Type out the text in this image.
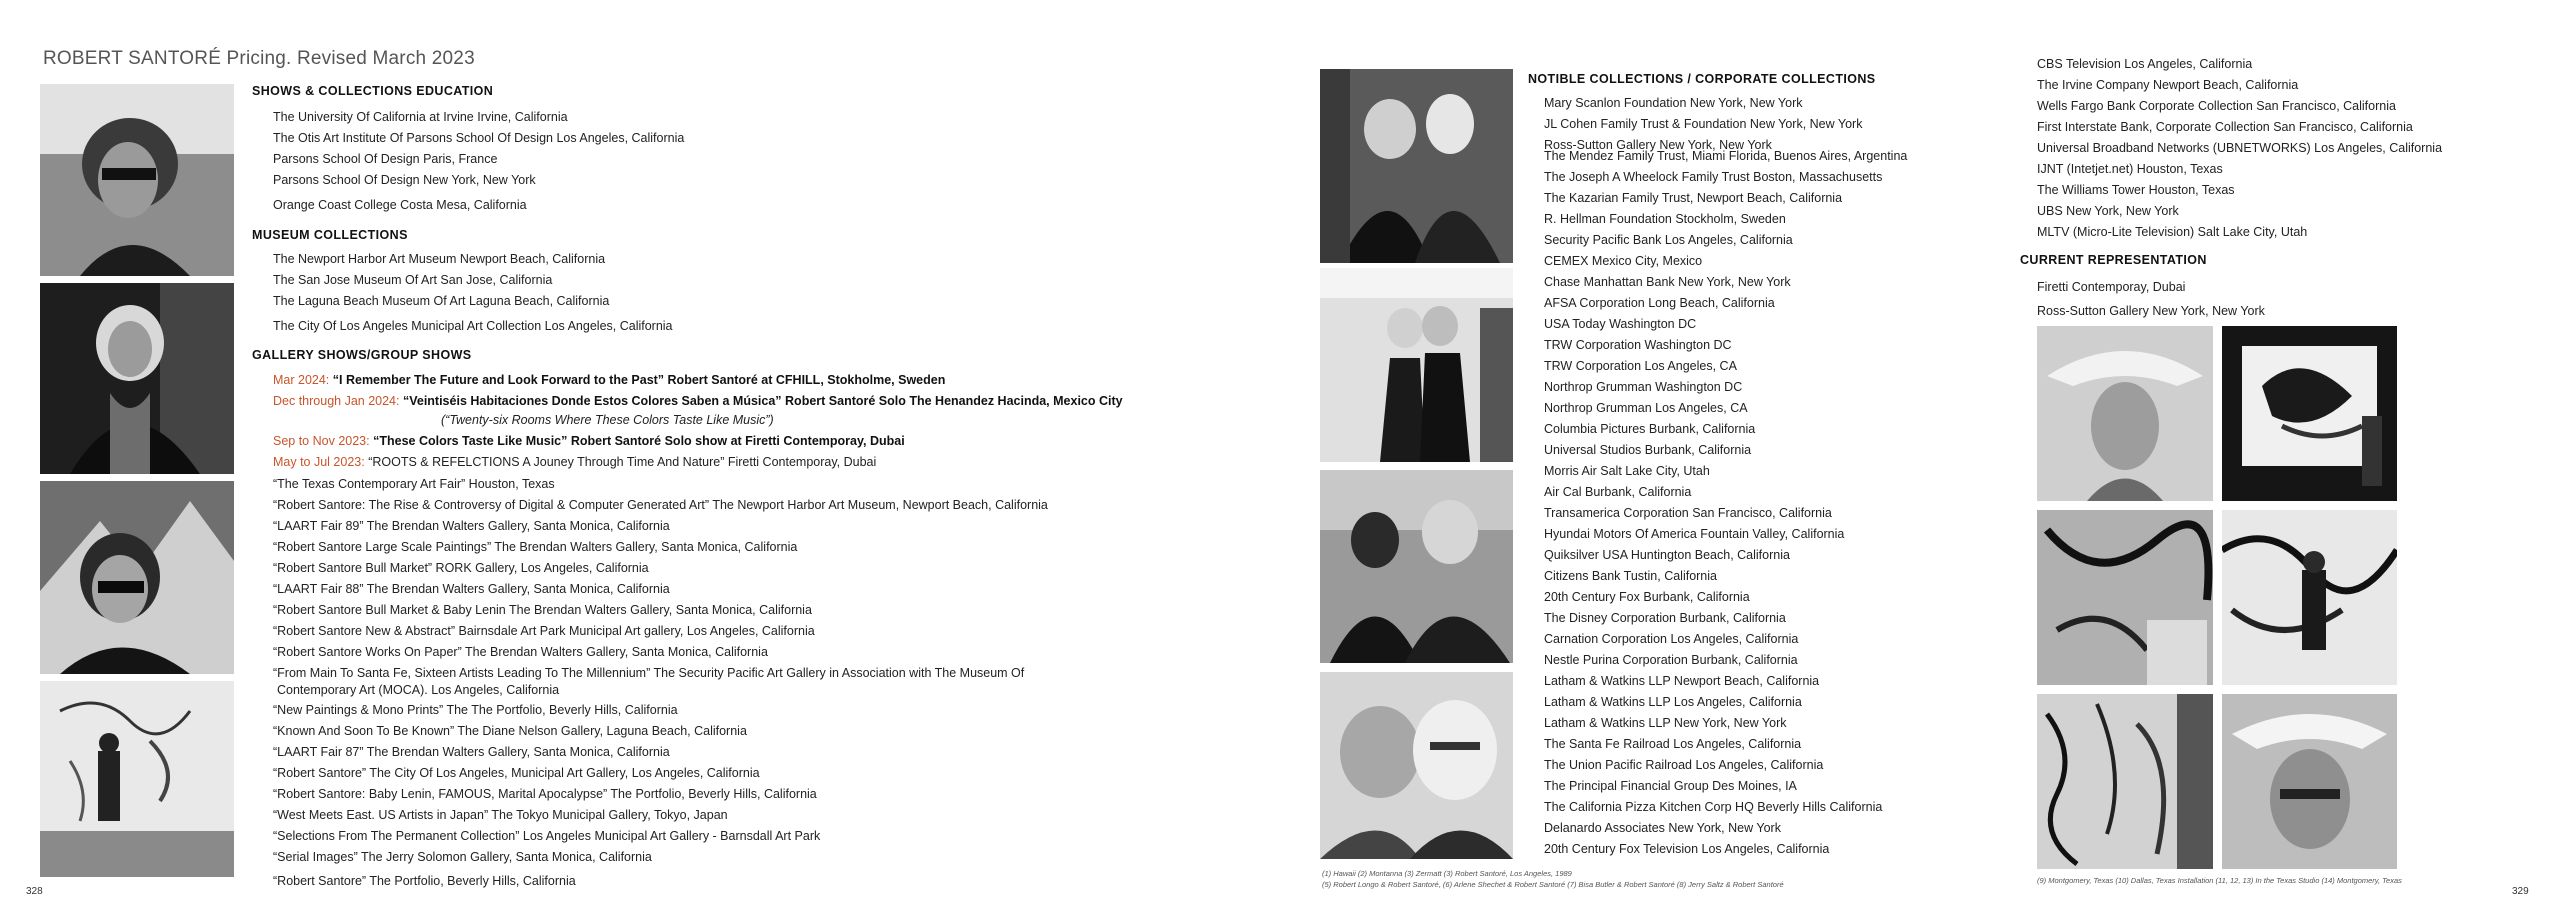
ROBERT SANTORÉ Pricing. Revised March 2023
SHOWS & COLLECTIONS EDUCATION
The University Of California at Irvine Irvine, California
The Otis Art Institute Of Parsons School Of Design Los Angeles, California
Parsons School Of Design Paris, France
Parsons School Of Design New York, New York
Orange Coast College Costa Mesa, California
MUSEUM COLLECTIONS
The Newport Harbor Art Museum Newport Beach, California
The San Jose Museum Of Art San Jose, California
The Laguna Beach Museum Of Art Laguna Beach, California
The City Of Los Angeles Municipal Art Collection Los Angeles, California
GALLERY SHOWS/GROUP SHOWS
Mar 2024: “I Remember The Future and Look Forward to the Past” Robert Santoré at CFHILL, Stokholme, Sweden
Dec through Jan 2024: “Veintiséis Habitaciones Donde Estos Colores Saben a Música” Robert Santoré Solo The Henandez Hacinda, Mexico City
(“Twenty-six Rooms Where These Colors Taste Like Music”)
Sep to Nov 2023: “These Colors Taste Like Music” Robert Santoré Solo show at Firetti Contemporay, Dubai
May to Jul 2023: “ROOTS & REFELCTIONS A Jouney Through Time And Nature” Firetti Contemporay, Dubai
“The Texas Contemporary Art Fair” Houston, Texas
“Robert Santore: The Rise & Controversy of Digital & Computer Generated Art” The Newport Harbor Art Museum, Newport Beach, California
“LAART Fair 89” The Brendan Walters Gallery, Santa Monica, California
“Robert Santore Large Scale Paintings” The Brendan Walters Gallery, Santa Monica, California
“Robert Santore Bull Market” RORK Gallery, Los Angeles, California
“LAART Fair 88” The Brendan Walters Gallery, Santa Monica, California
“Robert Santore Bull Market & Baby Lenin The Brendan Walters Gallery, Santa Monica, California
“Robert Santore New & Abstract” Bairnsdale Art Park Municipal Art gallery, Los Angeles, California
“Robert Santore Works On Paper” The Brendan Walters Gallery, Santa Monica, California
“From Main To Santa Fe, Sixteen Artists Leading To The Millennium” The Security Pacific Art Gallery in Association with The Museum Of
Contemporary Art (MOCA). Los Angeles, California
“New Paintings & Mono Prints” The The Portfolio, Beverly Hills, California
“Known And Soon To Be Known” The Diane Nelson Gallery, Laguna Beach, California
“LAART Fair 87” The Brendan Walters Gallery, Santa Monica, California
“Robert Santore” The City Of Los Angeles, Municipal Art Gallery, Los Angeles, California
“Robert Santore: Baby Lenin, FAMOUS, Marital Apocalypse” The Portfolio, Beverly Hills, California
“West Meets East. US Artists in Japan” The Tokyo Municipal Gallery, Tokyo, Japan
“Selections From The Permanent Collection” Los Angeles Municipal Art Gallery - Barnsdall Art Park
“Serial Images” The Jerry Solomon Gallery, Santa Monica, California
“Robert Santore” The Portfolio, Beverly Hills, California
328
NOTIBLE COLLECTIONS / CORPORATE COLLECTIONS
Mary Scanlon Foundation New York, New York
JL Cohen Family Trust & Foundation New York, New York
Ross-Sutton Gallery New York, New York
The Mendez Family Trust, Miami Florida, Buenos Aires, Argentina
The Joseph A Wheelock Family Trust Boston, Massachusetts
The Kazarian Family Trust, Newport Beach, California
R. Hellman Foundation Stockholm, Sweden
Security Pacific Bank Los Angeles, California
CEMEX Mexico City, Mexico
Chase Manhattan Bank New York, New York
AFSA Corporation Long Beach, California
USA Today Washington DC
TRW Corporation Washington DC
TRW Corporation Los Angeles, CA
Northrop Grumman Washington DC
Northrop Grumman Los Angeles, CA
Columbia Pictures Burbank, California
Universal Studios Burbank, California
Morris Air Salt Lake City, Utah
Air Cal Burbank, California
Transamerica Corporation San Francisco, California
Hyundai Motors Of America Fountain Valley, California
Quiksilver USA Huntington Beach, California
Citizens Bank Tustin, California
20th Century Fox Burbank, California
The Disney Corporation Burbank, California
Carnation Corporation Los Angeles, California
Nestle Purina Corporation Burbank, California
Latham & Watkins LLP Newport Beach, California
Latham & Watkins LLP Los Angeles, California
Latham & Watkins LLP New York, New York
The Santa Fe Railroad Los Angeles, California
The Union Pacific Railroad Los Angeles, California
The Principal Financial Group Des Moines, IA
The California Pizza Kitchen Corp HQ Beverly Hills California
Delanardo Associates New York, New York
20th Century Fox Television Los Angeles, California
(1) Hawaii (2) Montanna (3) Zermatt (3) Robert Santoré, Los Angeles, 1989
(5) Robert Longo & Robert Santoré, (6) Arlene Shechet & Robert Santoré (7) Bisa Butler & Robert Santoré (8) Jerry Saltz & Robert Santoré
CBS Television Los Angeles, California
The Irvine Company Newport Beach, California
Wells Fargo Bank Corporate Collection San Francisco, California
First Interstate Bank, Corporate Collection San Francisco, California
Universal Broadband Networks (UBNETWORKS) Los Angeles, California
IJNT (Intetjet.net) Houston, Texas
The Williams Tower Houston, Texas
UBS New York, New York
MLTV (Micro-Lite Television) Salt Lake City, Utah
CURRENT REPRESENTATION
Firetti Contemporay, Dubai
Ross-Sutton Gallery New York, New York
(9) Montgomery, Texas (10) Dallas, Texas Installation (11, 12, 13) In the Texas Studio (14) Montgomery, Texas
329
